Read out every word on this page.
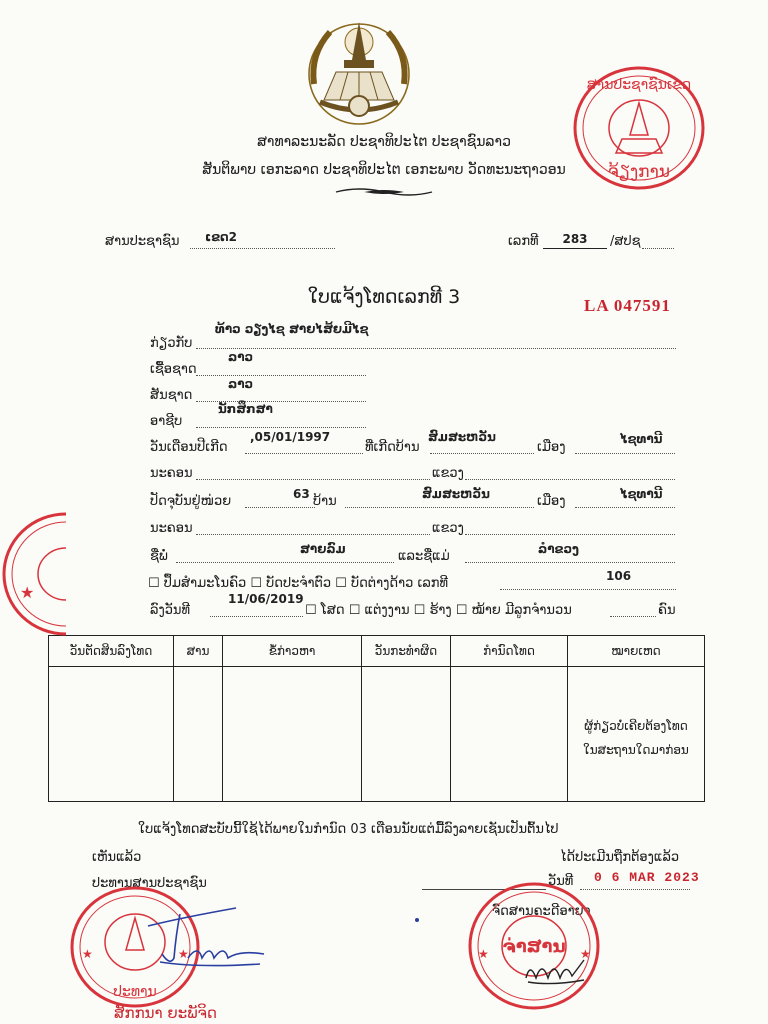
ສາທາລະນະລັດ ປະຊາທິປະໄຕ ປະຊາຊົນລາວ
ສັນຕິພາບ ເອກະລາດ ປະຊາທິປະໄຕ ເອກະພາບ ວັດທະນະຖາວອນ
ສານປະຊາຊົນ ເຂດ2	ເລກທີ	283	/ສປຊ
ໃບແຈ້ງໂທດເລກທີ 3	LA 047591
ກ່ຽວກັບ
ທ້າວ ວຽງໄຊ ສາຍໄສ້ຍມີໄຊ
ເຊື້ອຊາດ
ລາວ
ສັນຊາດ
ລາວ
ອາຊີບ
ນັກສຶກສາ
ວັນເດືອນປີເກີດ
,05/01/1997
ທີ່ເກີດບ້ານ
ສົມສະຫວັນ
ເມືອງ
ໄຊທານີ
ນະຄອນ	ແຂວງ
ປັດຈຸບັນຢູ່ໜ່ວຍ	63 ບ້ານ	ສົມສະຫວັນ	ເມືອງ	ໄຊທານີ
ນະຄອນ	ແຂວງ
ຊື່ພໍ່	ສາຍລົມ	ແລະຊື່ແມ່	ລຳຂວງ
☐ ປຶ້ມສຳມະໂນຄົວ ☐ ບັດປະຈຳຕົວ ☐ ບັດຕ່າງດ້າວ ເລກທີ	106
ລົງວັນທີ
11/06/2019
☐ ໂສດ ☐ ແຕ່ງງານ ☐ ຮ້າງ ☐ ໝ້າຍ ມີລູກຈຳນວນ	ຄົນ
ວັນຕັດສິນລົງໂທດ	ສານ	ຂໍ້ກ່າວຫາ	ວັນກະທຳຜິດ	ກຳນົດໂທດ	ໝາຍເຫດ

					ຜູ້ກ່ຽວບໍ່ເຄີຍຕ້ອງໂທດ
ໃນສະຖານໃດມາກ່ອນ
ໃບແຈ້ງໂທດສະບັບນີ້ໃຊ້ໄດ້ພາຍໃນກຳນົດ 03 ເດືອນນັບແຕ່ມື້ລົງລາຍເຊັນເປັນຕົ້ນໄປ
ເຫັນແລ້ວ	ໄດ້ປະເມີນຖືກຕ້ອງແລ້ວ
ປະທານສານປະຊາຊົນ	ວັນທີ 0 6 MAR 2023
ຈົດສານຄະດີອາຍາ
ສັກກນາ ຍະພັຈິດ
ສານປະຊາຊົນເຂດ
ຈ້ຽງການ
★
ປະທານ
★	★	ຈ່າສານ
★	★
